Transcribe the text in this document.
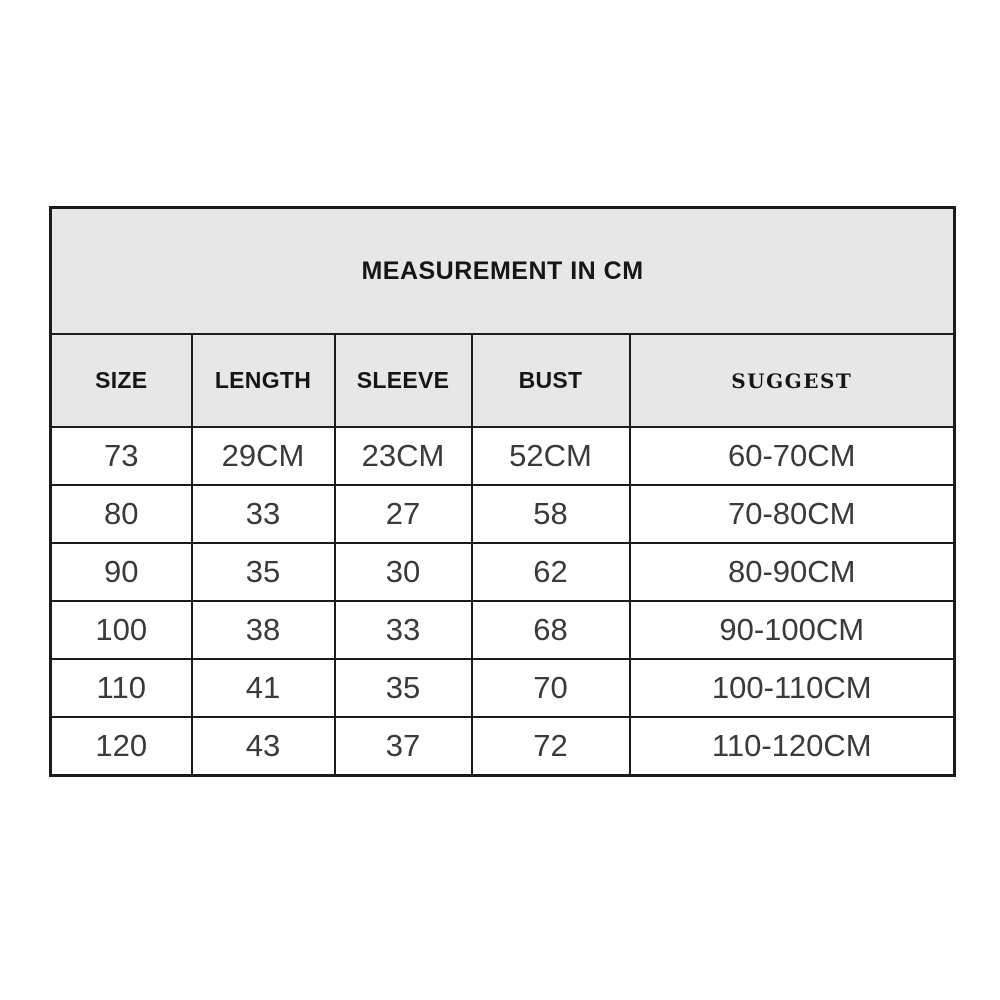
MEASUREMENT IN CM				
SIZE	LENGTH	SLEEVE	BUST	SUGGEST
73	29CM	23CM	52CM	60-70CM
80	33	27	58	70-80CM
90	35	30	62	80-90CM
100	38	33	68	90-100CM
110	41	35	70	100-110CM
120	43	37	72	110-120CM
